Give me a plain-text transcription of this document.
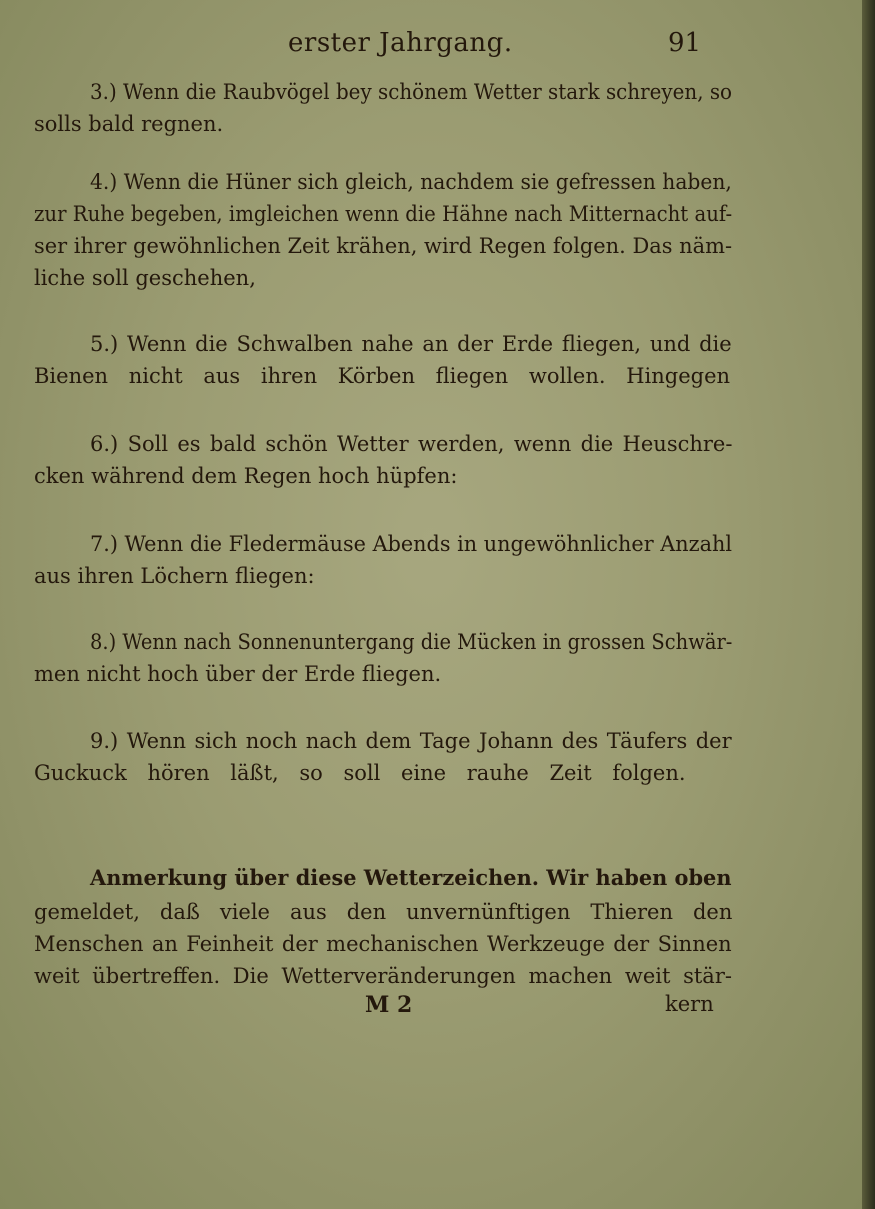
erster Jahrgang.	91

3.) Wenn die Raubvögel bey schönem Wetter stark schreyen, so

solls bald regnen.

4.) Wenn die Hüner sich gleich, nachdem sie gefressen haben,

zur Ruhe begeben, imgleichen wenn die Hähne nach Mitternacht auf-

ser ihrer gewöhnlichen Zeit krähen, wird Regen folgen. Das näm-

liche soll geschehen,

5.) Wenn die Schwalben nahe an der Erde fliegen, und die

Bienen nicht aus ihren Körben fliegen wollen. Hingegen

6.) Soll es bald schön Wetter werden, wenn die Heuschre-

cken während dem Regen hoch hüpfen:

7.) Wenn die Fledermäuse Abends in ungewöhnlicher Anzahl

aus ihren Löchern fliegen:

8.) Wenn nach Sonnenuntergang die Mücken in grossen Schwär-

men nicht hoch über der Erde fliegen.

9.) Wenn sich noch nach dem Tage Johann des Täufers der

Guckuck hören läßt, so soll eine rauhe Zeit folgen.

Anmerkung über diese Wetterzeichen. Wir haben oben

gemeldet, daß viele aus den unvernünftigen Thieren den

Menschen an Feinheit der mechanischen Werkzeuge der Sinnen

weit übertreffen. Die Wetterveränderungen machen weit stär-

M 2	kern
